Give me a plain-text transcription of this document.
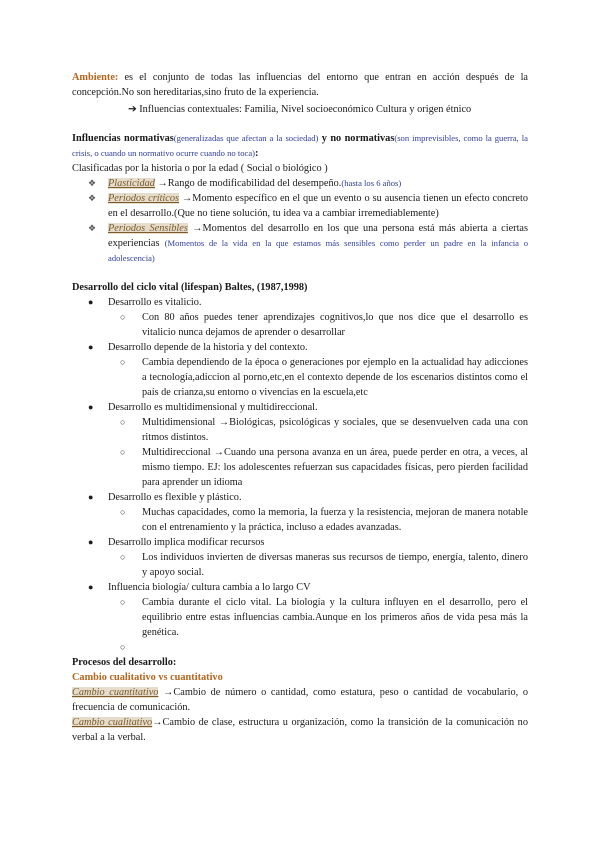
Ambiente: es el conjunto de todas las influencias del entorno que entran en acción después de la concepción.No son hereditarias,sino fruto de la experiencia.

➔ Influencias contextuales: Familia, Nivel socioeconómico Cultura y origen étnico

Influencias normativas(generalizadas que afectan a la sociedad) y no normativas(son imprevisibles, como la guerra, la crisis, o cuando un normativo ocurre cuando no toca):

Clasificadas por la historia o por la edad ( Social o biológico )

❖ Plasticidad →Rango de modificabilidad del desempeño.(hasta los 6 años)
❖ Periodos críticos →Momento específico en el que un evento o su ausencia tienen un efecto concreto en el desarrollo.(Que no tiene solución, tu idea va a cambiar irremediablemente)
❖ Periodos Sensibles →Momentos del desarrollo en los que una persona está más abierta a ciertas experiencias (Momentos de la vida en la que estamos más sensibles como perder un padre en la infancia o adolescencia)

Desarrollo del ciclo vital (lifespan) Baltes, (1987,1998)

● Desarrollo es vitalicio.
○ Con 80 años puedes tener aprendizajes cognitivos,lo que nos dice que el desarrollo es vitalicio nunca dejamos de aprender o desarrollar
● Desarrollo depende de la historia y del contexto.
○ Cambia dependiendo de la época o generaciones por ejemplo en la actualidad hay adicciones a tecnología,adiccion al porno,etc,en el contexto depende de los escenarios distintos como el país de crianza,su entorno o vivencias en la escuela,etc
● Desarrollo es multidimensional y multidireccional.
○ Multidimensional →Biológicas, psicológicas y sociales, que se desenvuelven cada una con ritmos distintos.
○ Multidireccional →Cuando una persona avanza en un área, puede perder en otra, a veces, al mismo tiempo. EJ: los adolescentes refuerzan sus capacidades físicas, pero pierden facilidad para aprender un idioma
● Desarrollo es flexible y plástico.
○ Muchas capacidades, como la memoria, la fuerza y la resistencia, mejoran de manera notable con el entrenamiento y la práctica, incluso a edades avanzadas.
● Desarrollo implica modificar recursos
○ Los individuos invierten de diversas maneras sus recursos de tiempo, energía, talento, dinero y apoyo social.
● Influencia biología/ cultura cambia a lo largo CV
○ Cambia durante el ciclo vital. La biología y la cultura influyen en el desarrollo, pero el equilibrio entre estas influencias cambia.Aunque en los primeros años de vida pesa más la genética.
○

Procesos del desarrollo:

Cambio cualitativo vs cuantitativo

Cambio cuantitativo →Cambio de número o cantidad, como estatura, peso o cantidad de vocabulario, o frecuencia de comunicación.

Cambio cualitativo→Cambio de clase, estructura u organización, como la transición de la comunicación no verbal a la verbal.
